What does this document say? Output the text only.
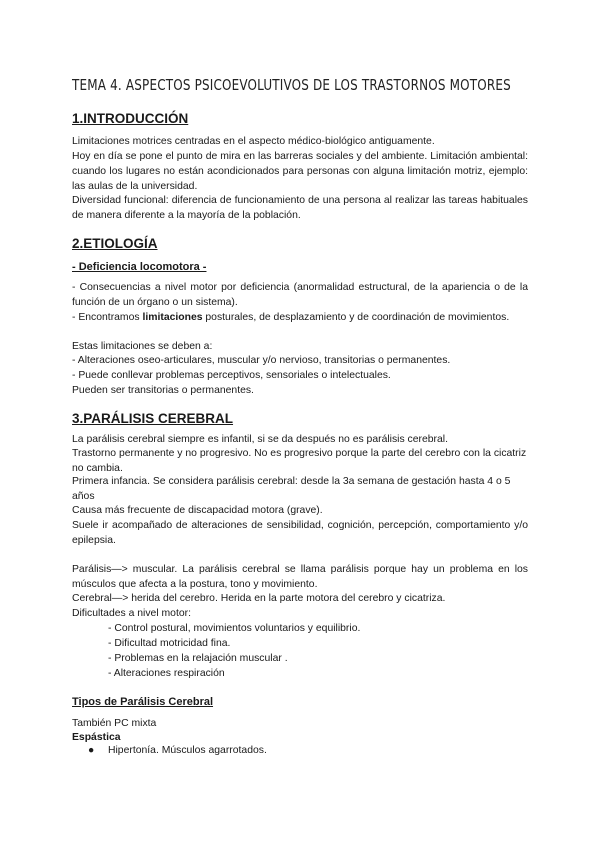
TEMA 4. ASPECTOS PSICOEVOLUTIVOS DE LOS TRASTORNOS MOTORES
1.INTRODUCCIÓN

Limitaciones motrices centradas en el aspecto médico-biológico antiguamente.

Hoy en día se pone el punto de mira en las barreras sociales y del ambiente. Limitación ambiental: cuando los lugares no están acondicionados para personas con alguna limitación motriz, ejemplo: las aulas de la universidad.

Diversidad funcional: diferencia de funcionamiento de una persona al realizar las tareas habituales de manera diferente a la mayoría de la población.

2.ETIOLOGÍA
- Deficiencia locomotora -

- Consecuencias a nivel motor por deficiencia (anormalidad estructural, de la apariencia o de la función de un órgano o un sistema).

- Encontramos limitaciones posturales, de desplazamiento y de coordinación de movimientos.

Estas limitaciones se deben a:

- Alteraciones oseo-articulares, muscular y/o nervioso, transitorias o permanentes.

- Puede conllevar problemas perceptivos, sensoriales o intelectuales.

Pueden ser transitorias o permanentes.

3.PARÁLISIS CEREBRAL

La parálisis cerebral siempre es infantil, si se da después no es parálisis cerebral.

Trastorno permanente y no progresivo. No es progresivo porque la parte del cerebro con la cicatriz no cambia.

Primera infancia. Se considera parálisis cerebral: desde la 3a semana de gestación hasta 4 o 5 años

Causa más frecuente de discapacidad motora (grave).

Suele ir acompañado de alteraciones de sensibilidad, cognición, percepción, comportamiento y/o epilepsia.

Parálisis—> muscular. La parálisis cerebral se llama parálisis porque hay un problema en los músculos que afecta a la postura, tono y movimiento.

Cerebral—> herida del cerebro. Herida en la parte motora del cerebro y cicatriza.

Dificultades a nivel motor:

- Control postural, movimientos voluntarios y equilibrio.

- Dificultad motricidad fina.

- Problemas en la relajación muscular .

- Alteraciones respiración

Tipos de Parálisis Cerebral

También PC mixta

Espástica

● Hipertonía. Músculos agarrotados.
